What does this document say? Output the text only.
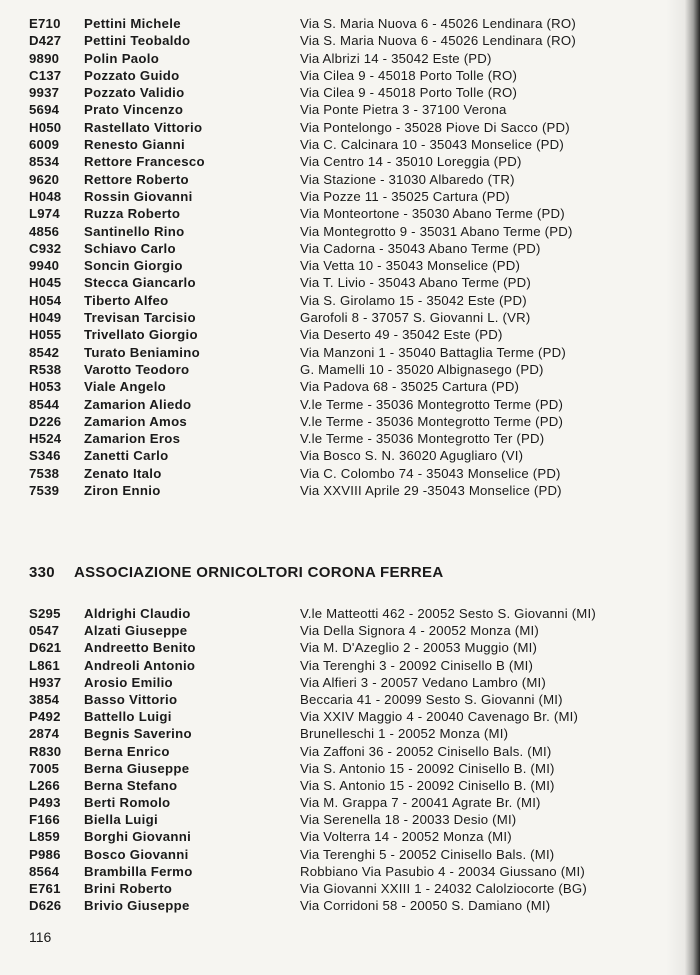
E710 Pettini Michele	Via S. Maria Nuova 6 - 45026 Lendinara (RO)
D427 Pettini Teobaldo	Via S. Maria Nuova 6 - 45026 Lendinara (RO)
9890 Polin Paolo	Via Albrizi 14 - 35042 Este (PD)
C137 Pozzato Guido	Via Cilea 9 - 45018 Porto Tolle (RO)
9937 Pozzato Validio	Via Cilea 9 - 45018 Porto Tolle (RO)
5694 Prato Vincenzo	Via Ponte Pietra 3 - 37100 Verona
H050 Rastellato Vittorio	Via Pontelongo - 35028 Piove Di Sacco (PD)
6009 Renesto Gianni	Via C. Calcinara 10 - 35043 Monselice (PD)
8534 Rettore Francesco	Via Centro 14 - 35010 Loreggia (PD)
9620 Rettore Roberto	Via Stazione - 31030 Albaredo (TR)
H048 Rossin Giovanni	Via Pozze 11 - 35025 Cartura (PD)
L974 Ruzza Roberto	Via Monteortone - 35030 Abano Terme (PD)
4856 Santinello Rino	Via Montegrotto 9 - 35031 Abano Terme (PD)
C932 Schiavo Carlo	Via Cadorna - 35043 Abano Terme (PD)
9940 Soncin Giorgio	Via Vetta 10 - 35043 Monselice (PD)
H045 Stecca Giancarlo	Via T. Livio - 35043 Abano Terme (PD)
H054 Tiberto Alfeo	Via S. Girolamo 15 - 35042 Este (PD)
H049 Trevisan Tarcisio	Garofoli 8 - 37057 S. Giovanni L. (VR)
H055 Trivellato Giorgio	Via Deserto 49 - 35042 Este (PD)
8542 Turato Beniamino	Via Manzoni 1 - 35040 Battaglia Terme (PD)
R538 Varotto Teodoro	G. Mamelli 10 - 35020 Albignasego (PD)
H053 Viale Angelo	Via Padova 68 - 35025 Cartura (PD)
8544 Zamarion Aliedo	V.le Terme - 35036 Montegrotto Terme (PD)
D226 Zamarion Amos	V.le Terme - 35036 Montegrotto Terme (PD)
H524 Zamarion Eros	V.le Terme - 35036 Montegrotto Ter (PD)
S346 Zanetti Carlo	Via Bosco S. N. 36020 Agugliaro (VI)
7538 Zenato Italo	Via C. Colombo 74 - 35043 Monselice (PD)
7539 Ziron Ennio	Via XXVIII Aprile 29 -35043 Monselice (PD)
330 ASSOCIAZIONE ORNICOLTORI CORONA FERREA
S295 Aldrighi Claudio	V.le Matteotti 462 - 20052 Sesto S. Giovanni (MI)
0547 Alzati Giuseppe	Via Della Signora 4 - 20052 Monza (MI)
D621 Andreetto Benito	Via M. D'Azeglio 2 - 20053 Muggio (MI)
L861 Andreoli Antonio	Via Terenghi 3 - 20092 Cinisello B (MI)
H937 Arosio Emilio	Via Alfieri 3 - 20057 Vedano Lambro (MI)
3854 Basso Vittorio	Beccaria 41 - 20099 Sesto S. Giovanni (MI)
P492 Battello Luigi	Via XXIV Maggio 4 - 20040 Cavenago Br. (MI)
2874 Begnis Saverino	Brunelleschi 1 - 20052 Monza (MI)
R830 Berna Enrico	Via Zaffoni 36 - 20052 Cinisello Bals. (MI)
7005 Berna Giuseppe	Via S. Antonio 15 - 20092 Cinisello B. (MI)
L266 Berna Stefano	Via S. Antonio 15 - 20092 Cinisello B. (MI)
P493 Berti Romolo	Via M. Grappa 7 - 20041 Agrate Br. (MI)
F166 Biella Luigi	Via Serenella 18 - 20033 Desio (MI)
L859 Borghi Giovanni	Via Volterra 14 - 20052 Monza (MI)
P986 Bosco Giovanni	Via Terenghi 5 - 20052 Cinisello Bals. (MI)
8564 Brambilla Fermo	Robbiano Via Pasubio 4 - 20034 Giussano (MI)
E761 Brini Roberto	Via Giovanni XXIII 1 - 24032 Calolziocorte (BG)
D626 Brivio Giuseppe	Via Corridoni 58 - 20050 S. Damiano (MI)
116
